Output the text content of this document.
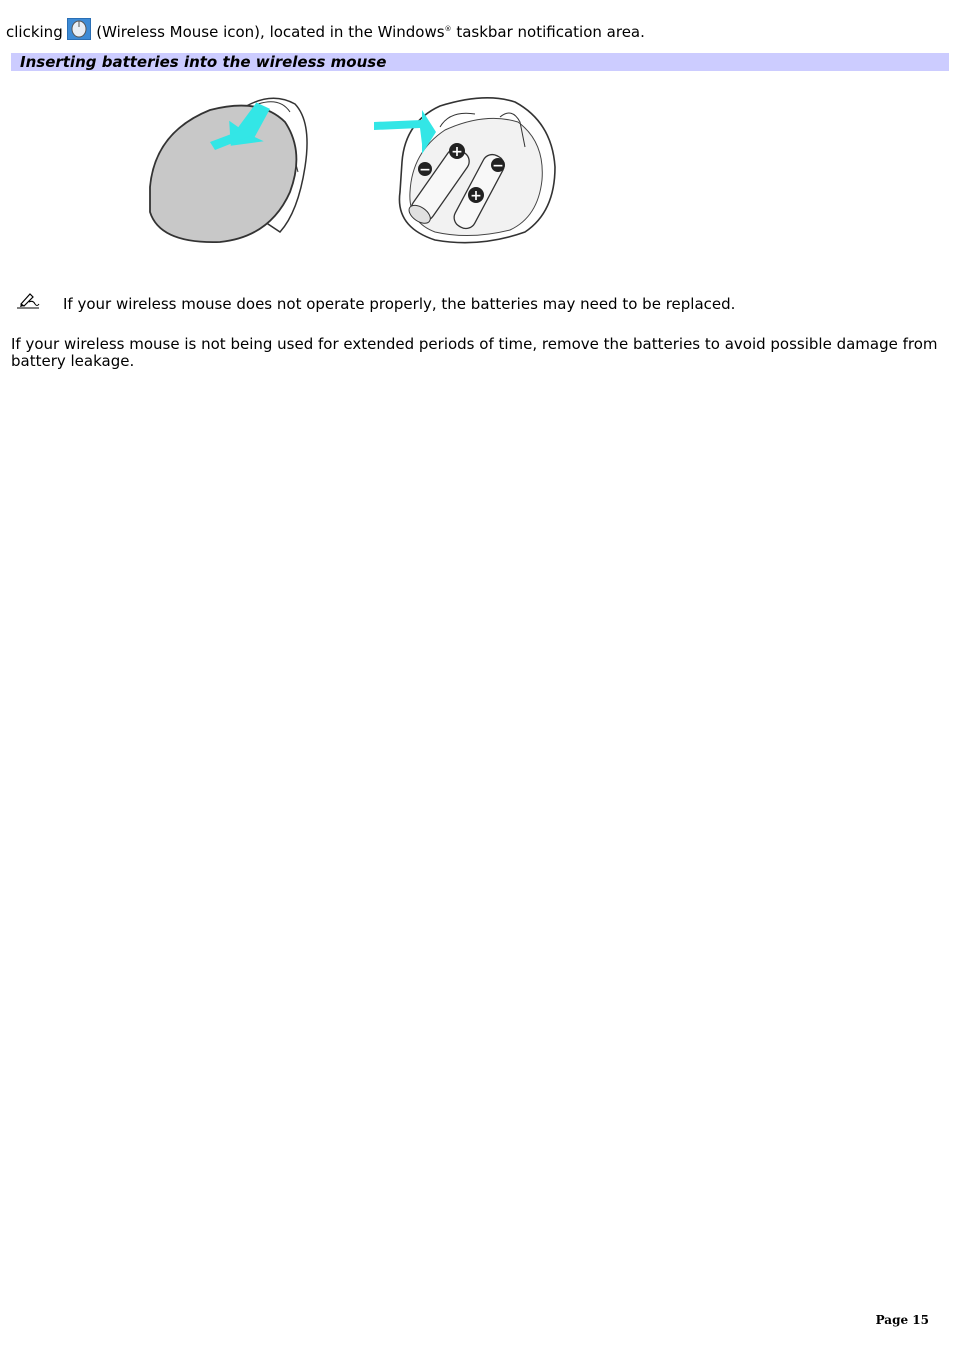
clicking  (Wireless Mouse icon), located in the Windows® taskbar notification area.
Inserting batteries into the wireless mouse
+
−	−
+
If your wireless mouse does not operate properly, the batteries may need to be replaced.
If your wireless mouse is not being used for extended periods of time, remove the batteries to avoid possible damage from battery leakage.
Page 15
